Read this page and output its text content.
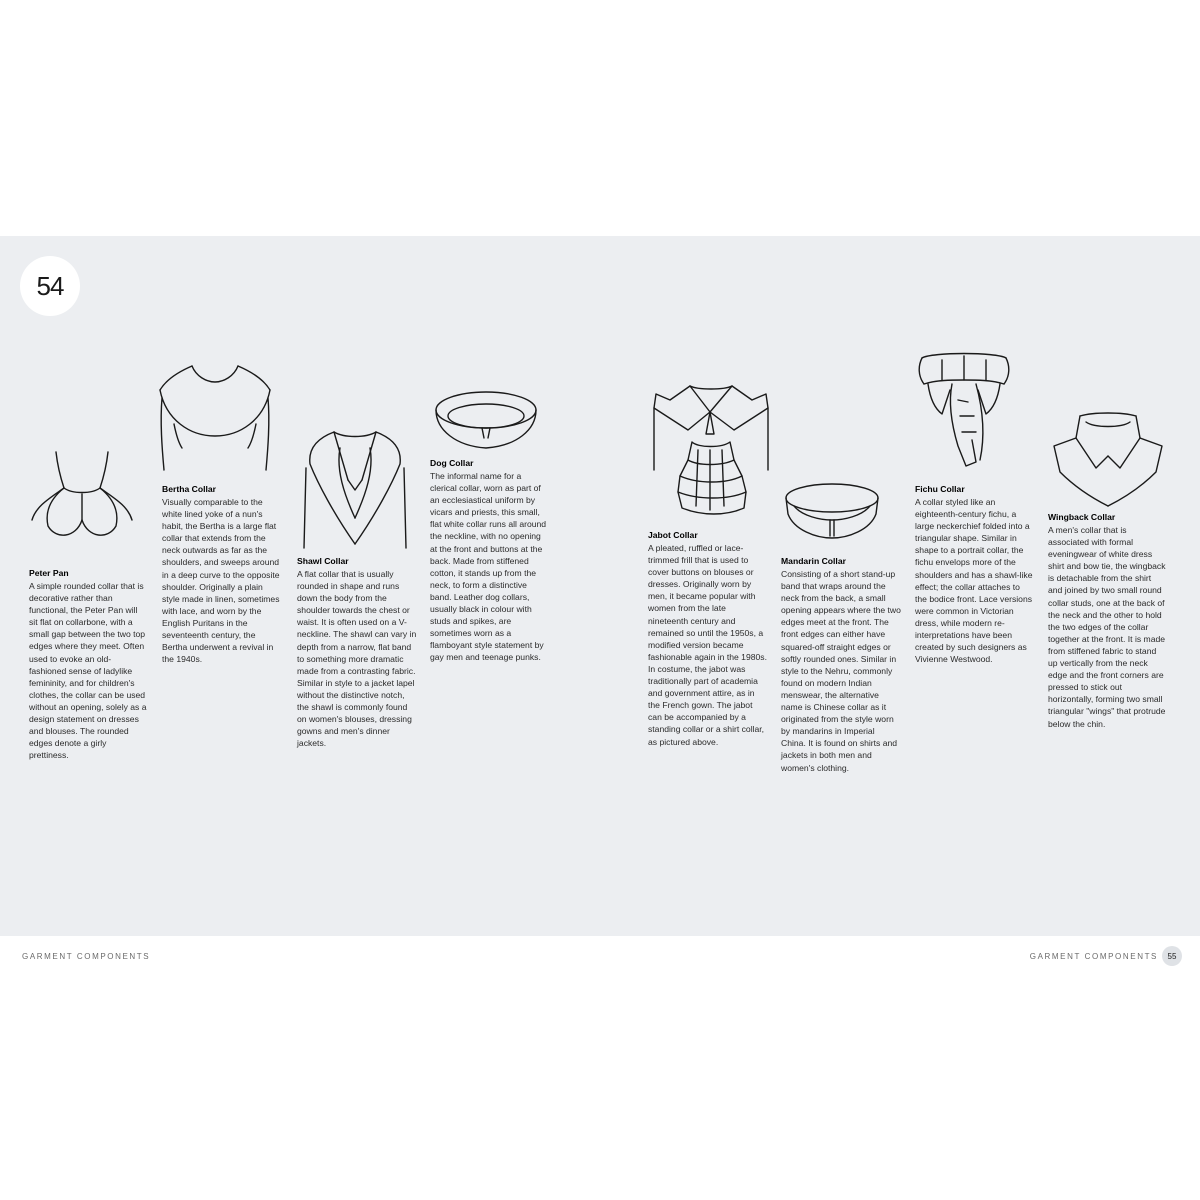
54
Peter Pan

A simple rounded collar that is decorative rather than functional, the Peter Pan will sit flat on collarbone, with a small gap between the two top edges where they meet. Often used to evoke an old-fashioned sense of ladylike femininity, and for children's clothes, the collar can be used without an opening, solely as a design statement on dresses and blouses. The rounded edges denote a girly prettiness.

Bertha Collar

Visually comparable to the white lined yoke of a nun's habit, the Bertha is a large flat collar that extends from the neck outwards as far as the shoulders, and sweeps around in a deep curve to the opposite shoulder. Originally a plain style made in linen, sometimes with lace, and worn by the English Puritans in the seventeenth century, the Bertha underwent a revival in the 1940s.

Shawl Collar

A flat collar that is usually rounded in shape and runs down the body from the shoulder towards the chest or waist. It is often used on a V-neckline. The shawl can vary in depth from a narrow, flat band to something more dramatic made from a contrasting fabric. Similar in style to a jacket lapel without the distinctive notch, the shawl is commonly found on women's blouses, dressing gowns and men's dinner jackets.

Dog Collar

The informal name for a clerical collar, worn as part of an ecclesiastical uniform by vicars and priests, this small, flat white collar runs all around the neckline, with no opening at the front and buttons at the back. Made from stiffened cotton, it stands up from the neck, to form a distinctive band. Leather dog collars, usually black in colour with studs and spikes, are sometimes worn as a flamboyant style statement by gay men and teenage punks.

Jabot Collar

A pleated, ruffled or lace-trimmed frill that is used to cover buttons on blouses or dresses. Originally worn by men, it became popular with women from the late nineteenth century and remained so until the 1950s, a modified version became fashionable again in the 1980s. In costume, the jabot was traditionally part of academia and government attire, as in the French gown. The jabot can be accompanied by a standing collar or a shirt collar, as pictured above.

Mandarin Collar

Consisting of a short stand-up band that wraps around the neck from the back, a small opening appears where the two edges meet at the front. The front edges can either have squared-off straight edges or softly rounded ones. Similar in style to the Nehru, commonly found on modern Indian menswear, the alternative name is Chinese collar as it originated from the style worn by mandarins in Imperial China. It is found on shirts and jackets in both men and women's clothing.

Fichu Collar

A collar styled like an eighteenth-century fichu, a large neckerchief folded into a triangular shape. Similar in shape to a portrait collar, the fichu envelops more of the shoulders and has a shawl-like effect; the collar attaches to the bodice front. Lace versions were common in Victorian dress, while modern re-interpretations have been created by such designers as Vivienne Westwood.

Wingback Collar

A men's collar that is associated with formal eveningwear of white dress shirt and bow tie, the wingback is detachable from the shirt and joined by two small round collar studs, one at the back of the neck and the other to hold the two edges of the collar together at the front. It is made from stiffened fabric to stand up vertically from the neck edge and the front corners are pressed to stick out horizontally, forming two small triangular "wings" that protrude below the chin.

GARMENT COMPONENTS	GARMENT COMPONENTS	55
